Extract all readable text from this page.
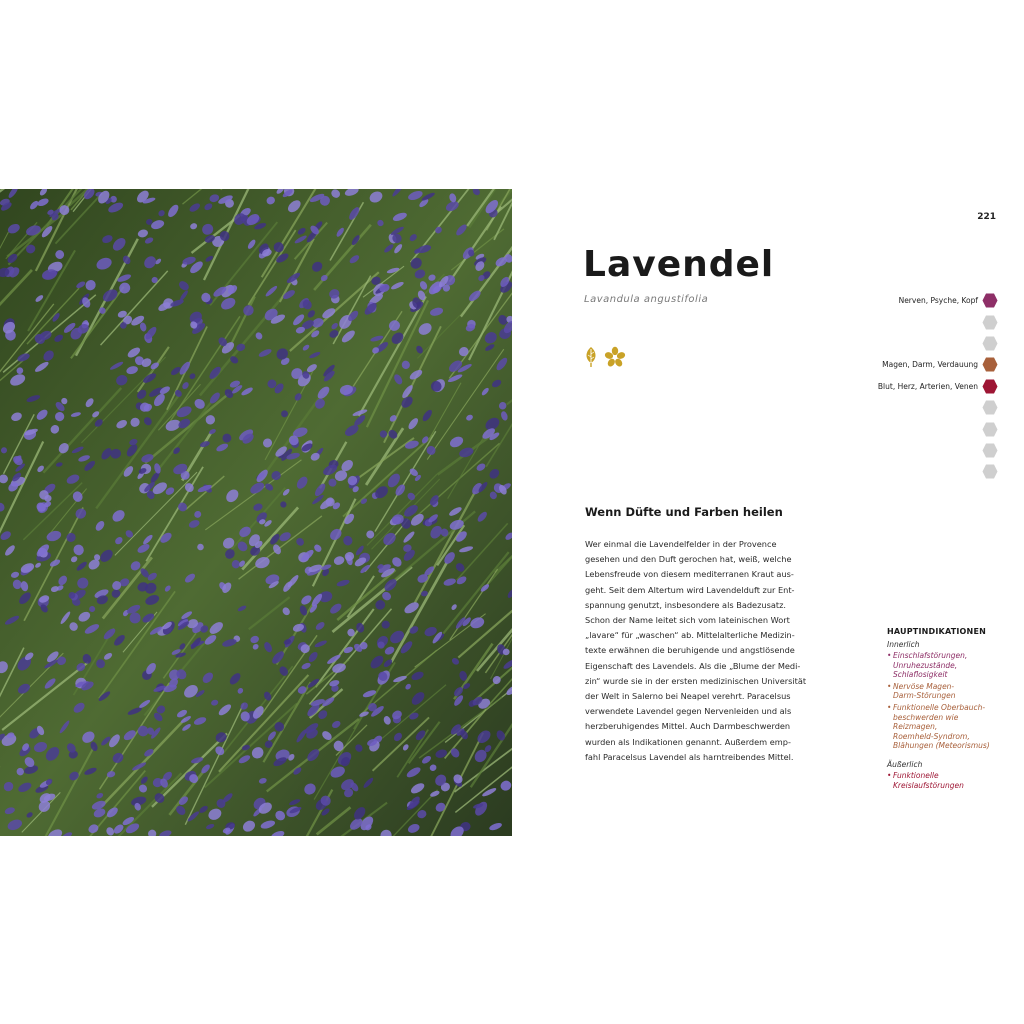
221
Lavendel
Lavandula angustifolia	Nerven, Psyche, Kopf
Magen, Darm, Verdauung
Blut, Herz, Arterien, Venen
Wenn Düfte und Farben heilen
Wer einmal die Lavendelfelder in der Provence
gesehen und den Duft gerochen hat, weiß, welche
Lebensfreude von diesem mediterranen Kraut aus-
geht. Seit dem Altertum wird Lavendelduft zur Ent-
spannung genutzt, insbesondere als Badezusatz.
Schon der Name leitet sich vom lateinischen Wort
„lavare“ für „waschen“ ab. Mittelalterliche Medizin-
texte erwähnen die beruhigende und angstlösende
Eigenschaft des Lavendels. Als die „Blume der Medi-
zin“ wurde sie in der ersten medizinischen Universität
der Welt in Salerno bei Neapel verehrt. Paracelsus
verwendete Lavendel gegen Nervenleiden und als
herzberuhigendes Mittel. Auch Darmbeschwerden
wurden als Indikationen genannt. Außerdem emp-
fahl Paracelsus Lavendel als harntreibendes Mittel.
HAUPTINDIKATIONEN
Innerlich
• Einschlafstörungen,
Unruhezustände,
Schlaflosigkeit
• Nervöse Magen-
Darm-Störungen
• Funktionelle Oberbauch-
beschwerden wie
Reizmagen,
Roemheld-Syndrom,
Blähungen (Meteorismus)
Äußerlich
• Funktionelle
Kreislaufstörungen
